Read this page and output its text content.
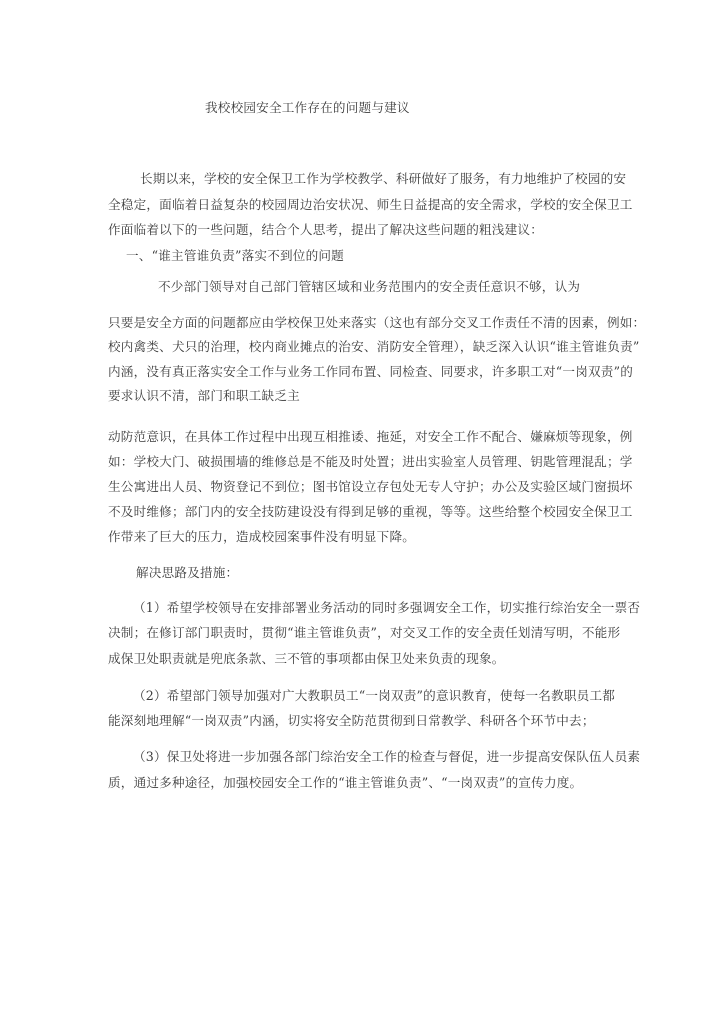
我校校园安全工作存在的问题与建议
长期以来，学校的安全保卫工作为学校教学、科研做好了服务，有力地维护了校园的安
全稳定，面临着日益复杂的校园周边治安状况、师生日益提高的安全需求，学校的安全保卫工
作面临着以下的一些问题，结合个人思考，提出了解决这些问题的粗浅建议：
一、“谁主管谁负责”落实不到位的问题
不少部门领导对自己部门管辖区域和业务范围内的安全责任意识不够，认为
只要是安全方面的问题都应由学校保卫处来落实（这也有部分交叉工作责任不清的因素，例如：
校内禽类、犬只的治理，校内商业摊点的治安、消防安全管理），缺乏深入认识“谁主管谁负责”
内涵，没有真正落实安全工作与业务工作同布置、同检查、同要求，许多职工对“一岗双责”的
要求认识不清，部门和职工缺乏主
动防范意识，在具体工作过程中出现互相推诿、拖延，对安全工作不配合、嫌麻烦等现象，例
如：学校大门、破损围墙的维修总是不能及时处置；进出实验室人员管理、钥匙管理混乱；学
生公寓进出人员、物资登记不到位；图书馆设立存包处无专人守护；办公及实验区域门窗损坏
不及时维修；部门内的安全技防建设没有得到足够的重视，等等。这些给整个校园安全保卫工
作带来了巨大的压力，造成校园案事件没有明显下降。
解决思路及措施：
（1）希望学校领导在安排部署业务活动的同时多强调安全工作，切实推行综治安全一票否
决制；在修订部门职责时，贯彻“谁主管谁负责”，对交叉工作的安全责任划清写明，不能形
成保卫处职责就是兜底条款、三不管的事项都由保卫处来负责的现象。
（2）希望部门领导加强对广大教职员工“一岗双责”的意识教育，使每一名教职员工都
能深刻地理解“一岗双责”内涵，切实将安全防范贯彻到日常教学、科研各个环节中去；
（3）保卫处将进一步加强各部门综治安全工作的检查与督促，进一步提高安保队伍人员素
质，通过多种途径，加强校园安全工作的“谁主管谁负责”、“一岗双责”的宣传力度。
